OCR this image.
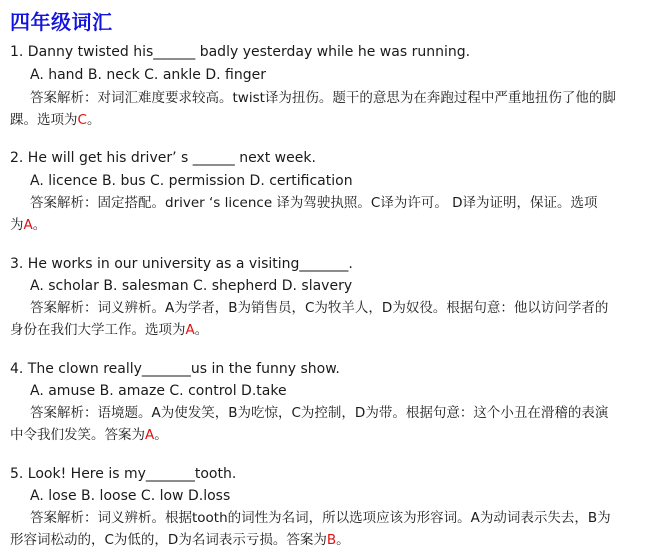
四年级词汇
1. Danny twisted his______ badly yesterday while he was running.
A. hand B. neck C. ankle D. finger
答案解析：对词汇难度要求较高。twist译为扭伤。题干的意思为在奔跑过程中严重地扭伤了他的脚
踝。选项为C。
2. He will get his driver’ s ______ next week.
A. licence B. bus C. permission D. certification
答案解析：固定搭配。driver ‘s licence 译为驾驶执照。C译为许可。 D译为证明，保证。选项
为A。
3. He works in our university as a visiting_______.
A. scholar B. salesman C. shepherd D. slavery
答案解析：词义辨析。A为学者，B为销售员，C为牧羊人，D为奴役。根据句意：他以访问学者的
身份在我们大学工作。选项为A。
4. The clown really_______us in the funny show.
A. amuse B. amaze C. control D.take
答案解析：语境题。A为使发笑，B为吃惊，C为控制，D为带。根据句意：这个小丑在滑稽的表演
中令我们发笑。答案为A。
5. Look! Here is my_______tooth.
A. lose B. loose C. low D.loss
答案解析：词义辨析。根据tooth的词性为名词，所以选项应该为形容词。A为动词表示失去，B为
形容词松动的，C为低的，D为名词表示亏损。答案为B。
